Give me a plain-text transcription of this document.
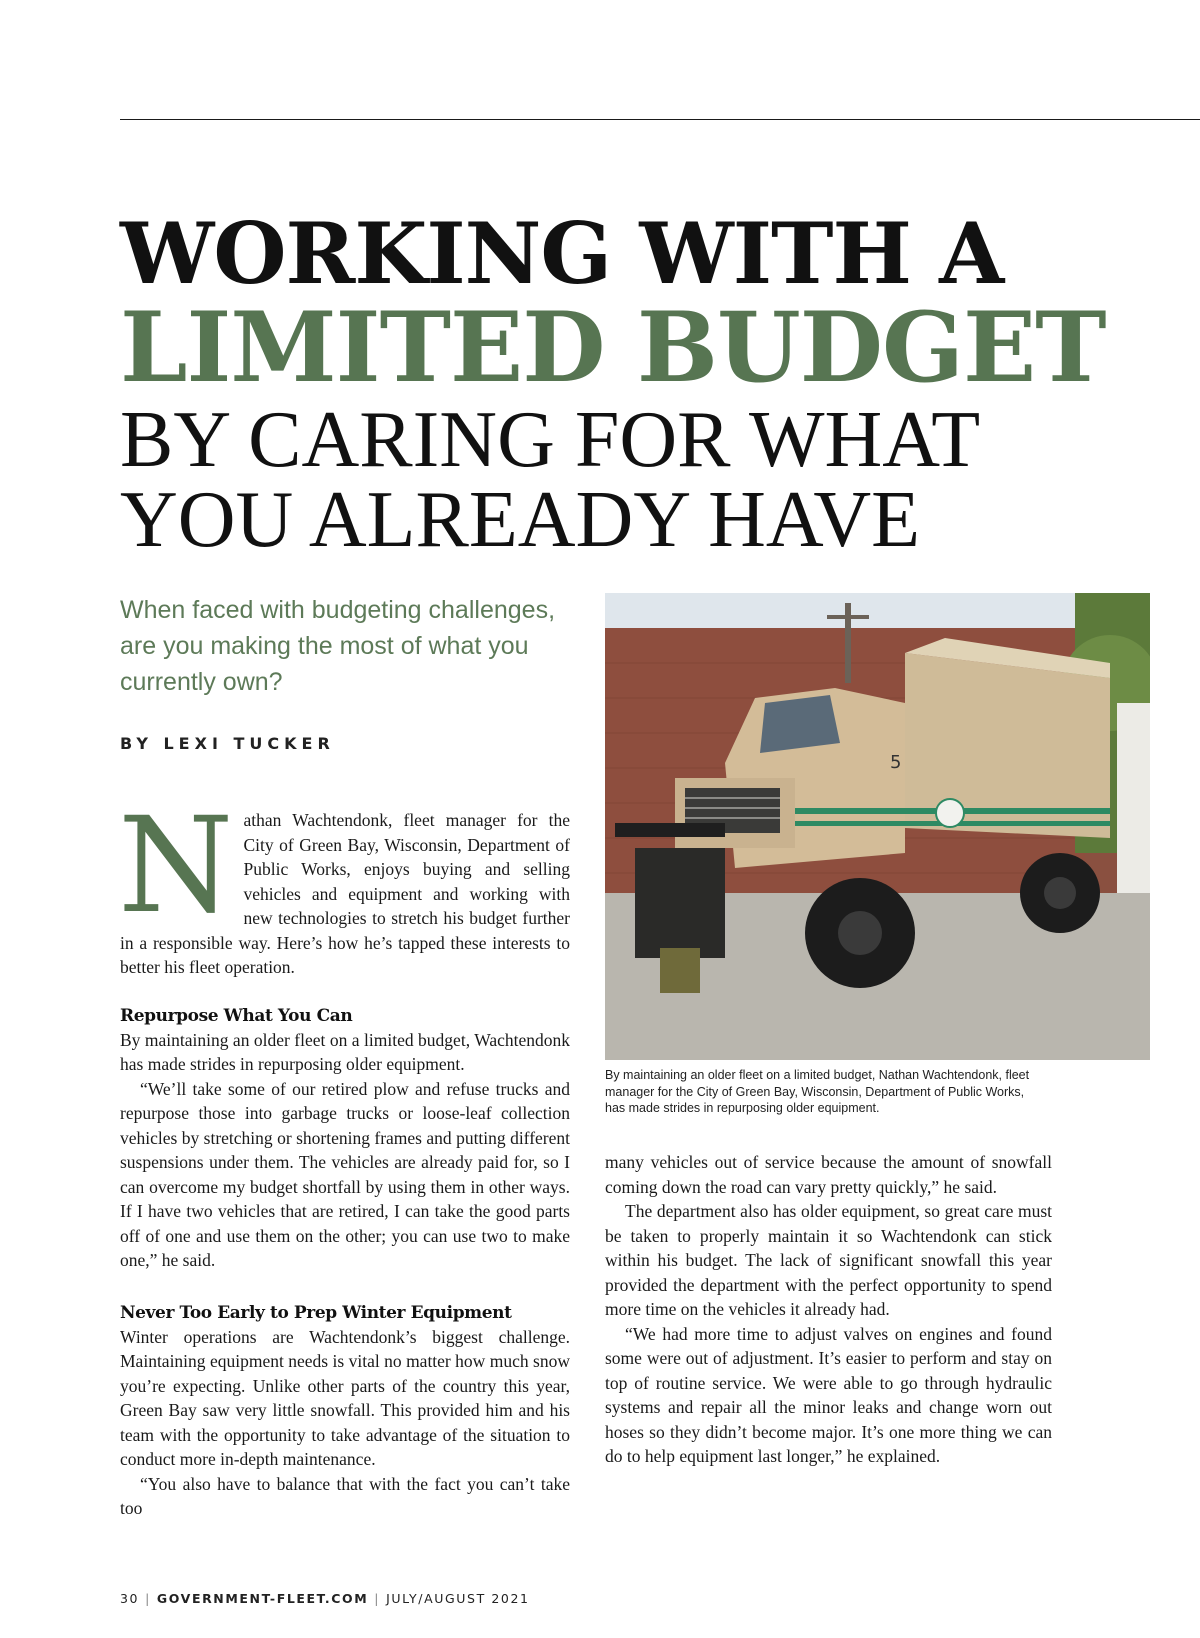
WORKING WITH A
LIMITED BUDGET
BY CARING FOR WHAT
YOU ALREADY HAVE
When faced with budgeting challenges, are you making the most of what you currently own?
BY LEXI TUCKER

Nathan Wachtendonk, fleet manager for the City of Green Bay, Wisconsin, Department of Public Works, enjoys buying and selling vehicles and equipment and working with new technologies to stretch his budget further in a responsible way. Here’s how he’s tapped these interests to better his fleet operation.

Repurpose What You Can

By maintaining an older fleet on a limited budget, Wachtendonk has made strides in repurposing older equipment.

“We’ll take some of our retired plow and refuse trucks and repurpose those into garbage trucks or loose-leaf collection vehicles by stretching or shortening frames and putting different suspensions under them. The vehicles are already paid for, so I can overcome my budget shortfall by using them in other ways. If I have two vehicles that are retired, I can take the good parts off of one and use them on the other; you can use two to make one,” he said.

Never Too Early to Prep Winter Equipment

Winter operations are Wachtendonk’s biggest challenge. Maintaining equipment needs is vital no matter how much snow you’re expecting. Unlike other parts of the country this year, Green Bay saw very little snowfall. This provided him and his team with the opportunity to take advantage of the situation to conduct more in-depth maintenance.

“You also have to balance that with the fact you can’t take too

5
By maintaining an older fleet on a limited budget, Nathan Wachtendonk, fleet manager for the City of Green Bay, Wisconsin, Department of Public Works, has made strides in repurposing older equipment.

many vehicles out of service because the amount of snowfall coming down the road can vary pretty quickly,” he said.

The department also has older equipment, so great care must be taken to properly maintain it so Wachtendonk can stick within his budget. The lack of significant snowfall this year provided the department with the perfect opportunity to spend more time on the vehicles it already had.

“We had more time to adjust valves on engines and found some were out of adjustment. It’s easier to perform and stay on top of routine service. We were able to go through hydraulic systems and repair all the minor leaks and change worn out hoses so they didn’t become major. It’s one more thing we can do to help equipment last longer,” he explained.

30 | GOVERNMENT-FLEET.COM | JULY/AUGUST 2021
